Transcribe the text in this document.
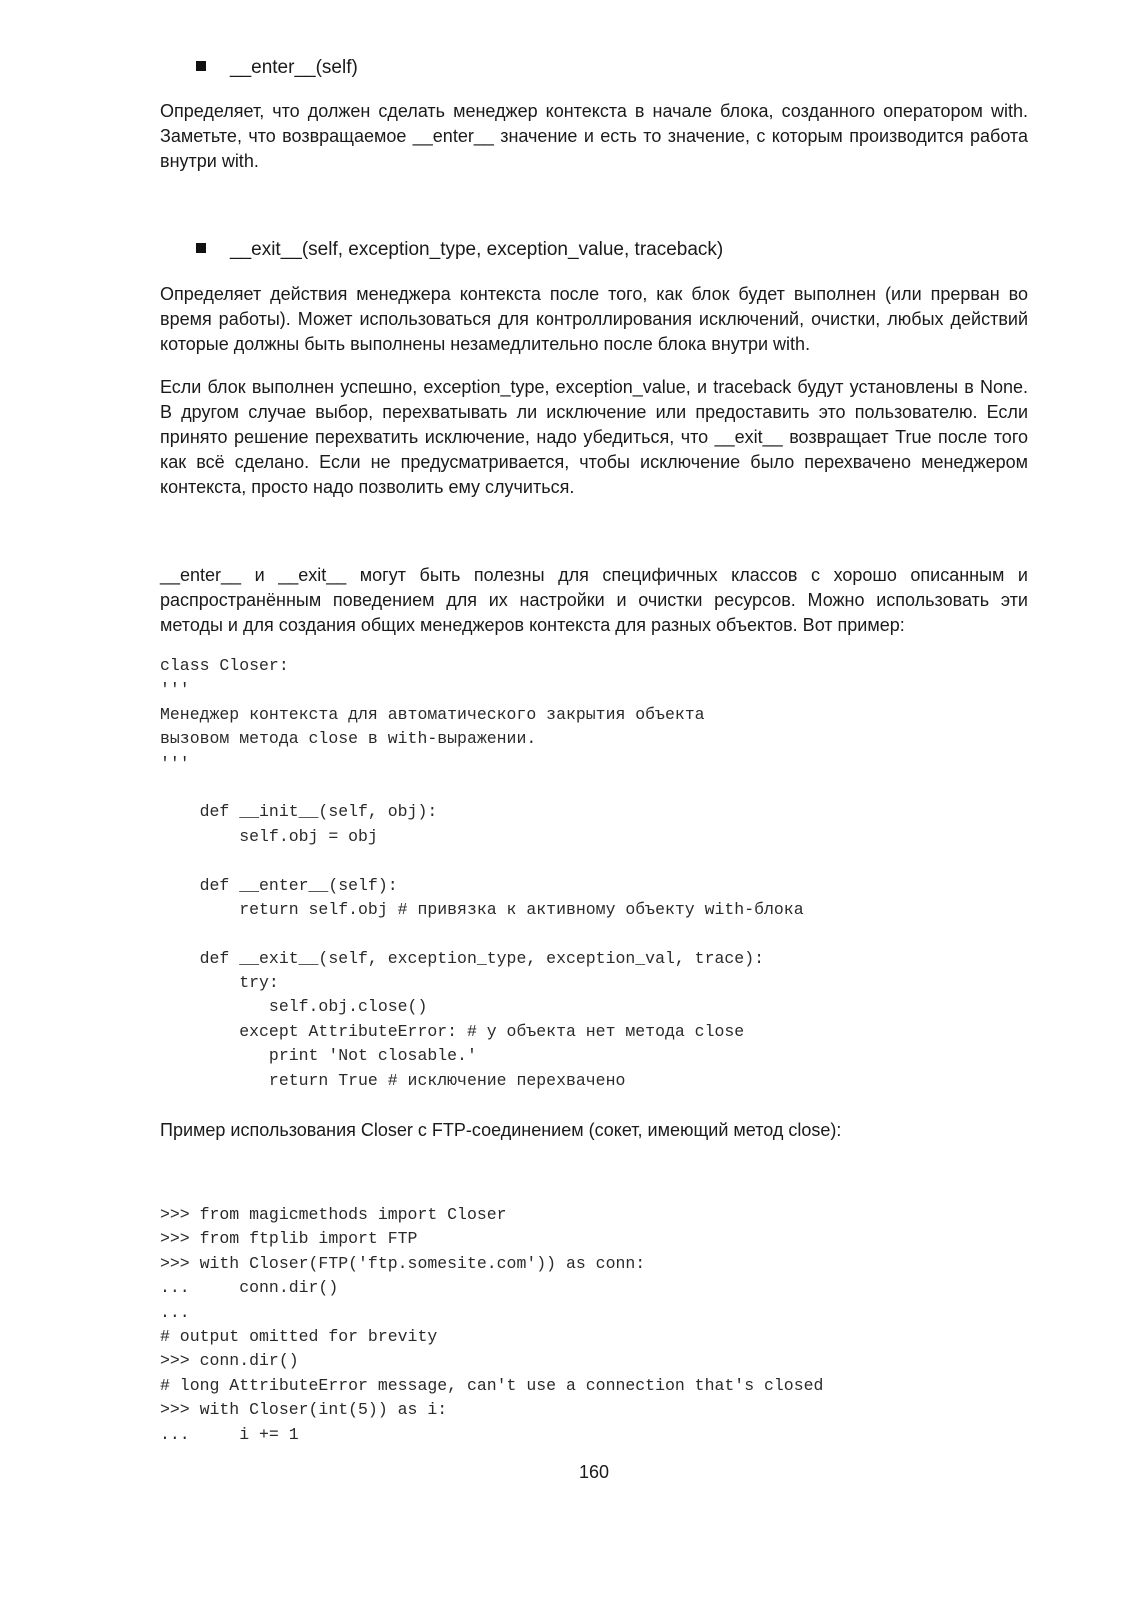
__enter__(self)
Определяет, что должен сделать менеджер контекста в начале блока, созданного оператором with. Заметьте, что возвращаемое __enter__ значение и есть то значение, с которым производится работа внутри with.
__exit__(self, exception_type, exception_value, traceback)
Определяет действия менеджера контекста после того, как блок будет выполнен (или прерван во время работы). Может использоваться для контроллирования исключений, очистки, любых действий которые должны быть выполнены незамедлительно после блока внутри with.
Если блок выполнен успешно, exception_type, exception_value, и traceback будут установлены в None. В другом случае выбор, перехватывать ли исключение или предоставить это пользователю. Если принято решение перехватить исключение, надо убедиться, что __exit__ возвращает True после того как всё сделано. Если не предусматривается, чтобы исключение было перехвачено менеджером контекста, просто надо позволить ему случиться.
__enter__ и __exit__ могут быть полезны для специфичных классов с хорошо описанным и распространённым поведением для их настройки и очистки ресурсов. Можно использовать эти методы и для создания общих менеджеров контекста для разных объектов. Вот пример:
class Closer:
'''
Менеджер контекста для автоматического закрытия объекта
вызовом метода close в with-выражении.
'''
def __init__(self, obj):
self.obj = obj
def __enter__(self):
return self.obj # привязка к активному объекту with-блока
def __exit__(self, exception_type, exception_val, trace):
try:
self.obj.close()
except AttributeError: # у объекта нет метода close
print 'Not closable.'
return True # исключение перехвачено
Пример использования Closer с FTP-соединением (сокет, имеющий метод close):
>>> from magicmethods import Closer
>>> from ftplib import FTP
>>> with Closer(FTP('ftp.somesite.com')) as conn:
...     conn.dir()
...
# output omitted for brevity
>>> conn.dir()
# long AttributeError message, can't use a connection that's closed
>>> with Closer(int(5)) as i:
...     i += 1
160
